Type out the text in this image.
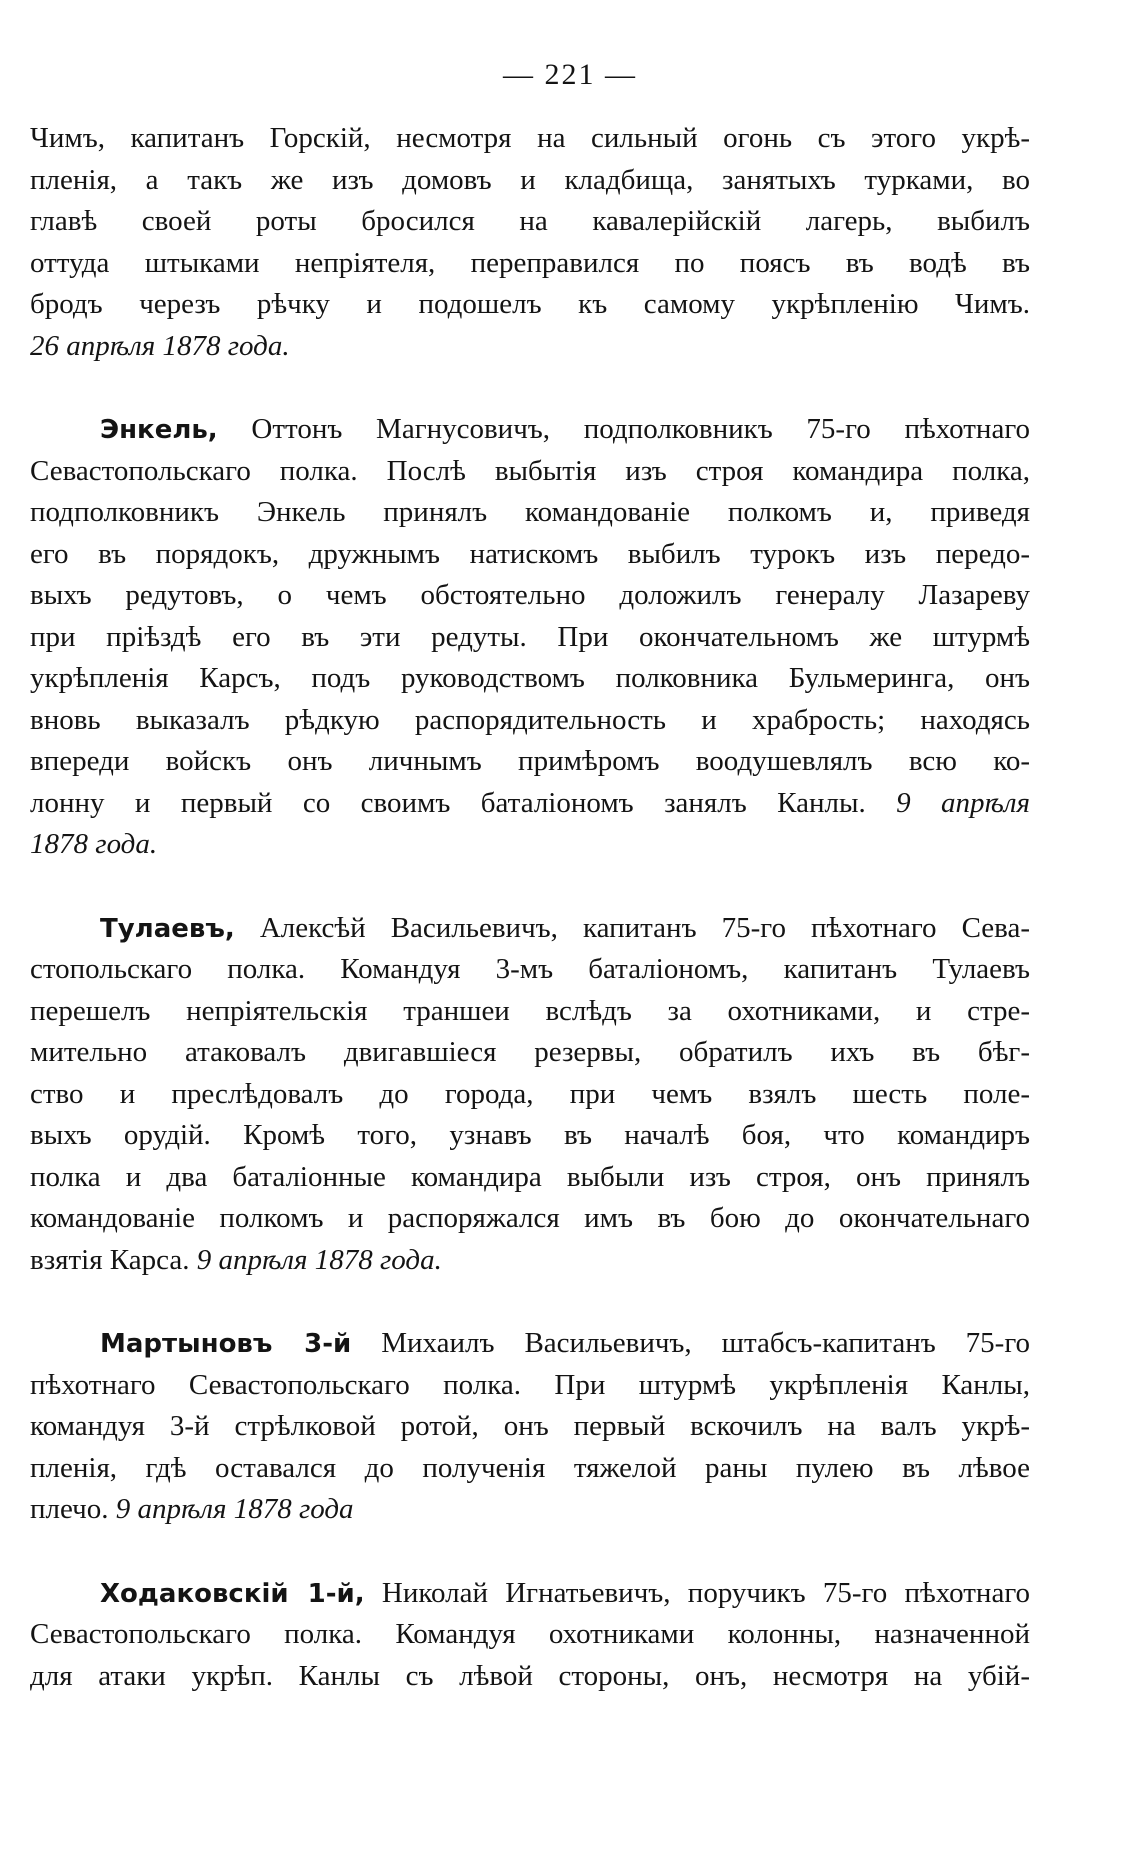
— 221 —
Чимъ, капитанъ Горскій, несмотря на сильный огонь съ этого укрѣ-
пленія, а такъ же изъ домовъ и кладбища, занятыхъ турками, во
главѣ своей роты бросился на кавалерійскій лагерь, выбилъ
оттуда штыками непріятеля, переправился по поясъ въ водѣ въ
бродъ черезъ рѣчку и подошелъ къ самому укрѣпленію Чимъ.
26 апрѣля 1878 года.
Энкель, Оттонъ Магнусовичъ, подполковникъ 75-го пѣхотнаго
Севастопольскаго полка. Послѣ выбытія изъ строя командира полка,
подполковникъ Энкель принялъ командованіе полкомъ и, приведя
его въ порядокъ, дружнымъ натискомъ выбилъ турокъ изъ передо-
выхъ редутовъ, о чемъ обстоятельно доложилъ генералу Лазареву
при пріѣздѣ его въ эти редуты. При окончательномъ же штурмѣ
укрѣпленія Карсъ, подъ руководствомъ полковника Бульмеринга, онъ
вновь выказалъ рѣдкую распорядительность и храбрость; находясь
впереди войскъ онъ личнымъ примѣромъ воодушевлялъ всю ко-
лонну и первый со своимъ баталіономъ занялъ Канлы. 9 апрѣля
1878 года.
Тулаевъ, Алексѣй Васильевичъ, капитанъ 75-го пѣхотнаго Сева-
стопольскаго полка. Командуя 3-мъ баталіономъ, капитанъ Тулаевъ
перешелъ непріятельскія траншеи вслѣдъ за охотниками, и стре-
мительно атаковалъ двигавшіеся резервы, обратилъ ихъ въ бѣг-
ство и преслѣдовалъ до города, при чемъ взялъ шесть поле-
выхъ орудій. Кромѣ того, узнавъ въ началѣ боя, что командиръ
полка и два баталіонные командира выбыли изъ строя, онъ принялъ
командованіе полкомъ и распоряжался имъ въ бою до окончательнаго
взятія Карса. 9 апрѣля 1878 года.
Мартыновъ 3-й Михаилъ Васильевичъ, штабсъ-капитанъ 75-го
пѣхотнаго Севастопольскаго полка. При штурмѣ укрѣпленія Канлы,
командуя 3-й стрѣлковой ротой, онъ первый вскочилъ на валъ укрѣ-
пленія, гдѣ оставался до полученія тяжелой раны пулею въ лѣвое
плечо. 9 апрѣля 1878 года
Ходаковскій 1-й, Николай Игнатьевичъ, поручикъ 75-го пѣхотнаго
Севастопольскаго полка. Командуя охотниками колонны, назначенной
для атаки укрѣп. Канлы съ лѣвой стороны, онъ, несмотря на убій-
